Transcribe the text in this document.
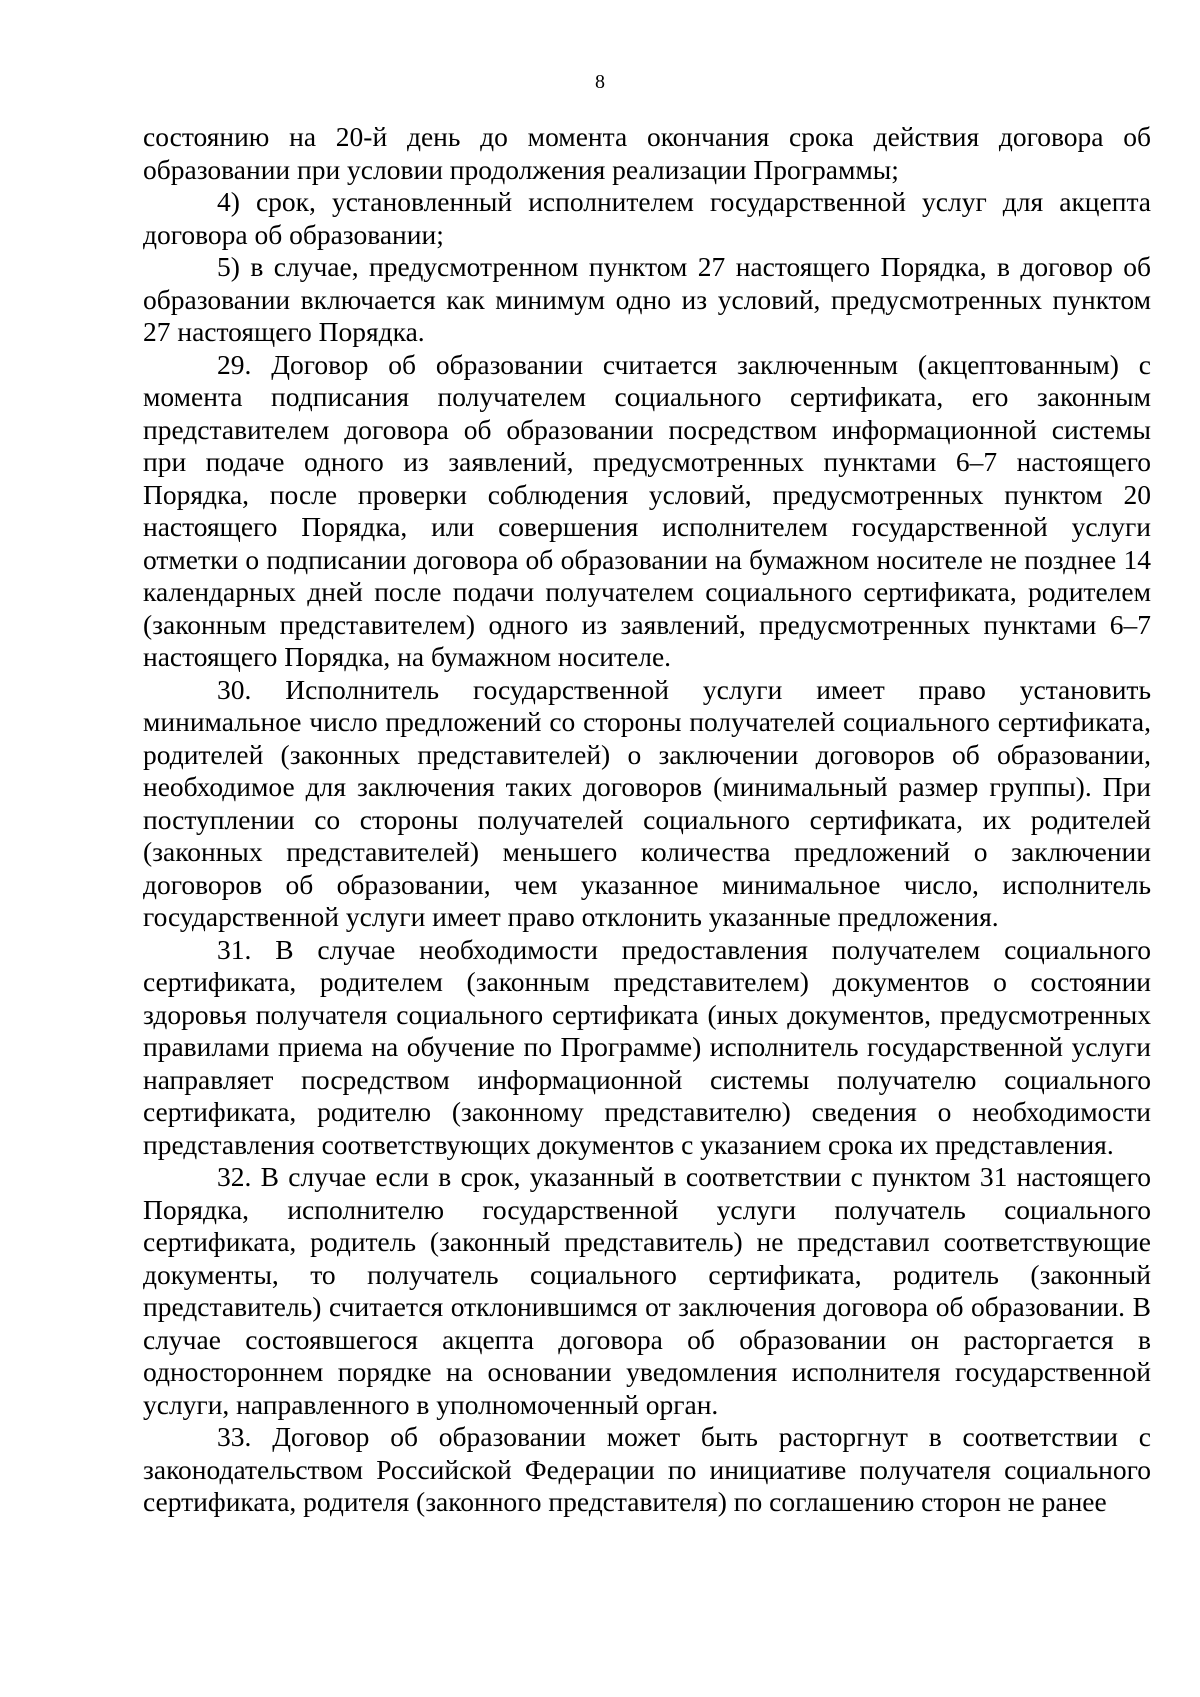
8

состоянию на 20-й день до момента окончания срока действия договора об образовании при условии продолжения реализации Программы;

4) срок, установленный исполнителем государственной услуг для акцепта договора об образовании;

5) в случае, предусмотренном пунктом 27 настоящего Порядка, в договор об образовании включается как минимум одно из условий, предусмотренных пунктом 27 настоящего Порядка.

29. Договор об образовании считается заключенным (акцептованным) с момента подписания получателем социального сертификата, его законным представителем договора об образовании посредством информационной системы при подаче одного из заявлений, предусмотренных пунктами 6–7 настоящего Порядка, после проверки соблюдения условий, предусмотренных пунктом 20 настоящего Порядка, или совершения исполнителем государственной услуги отметки о подписании договора об образовании на бумажном носителе не позднее 14 календарных дней после подачи получателем социального сертификата, родителем (законным представителем) одного из заявлений, предусмотренных пунктами 6–7 настоящего Порядка, на бумажном носителе.

30. Исполнитель государственной услуги имеет право установить минимальное число предложений со стороны получателей социального сертификата, родителей (законных представителей) о заключении договоров об образовании, необходимое для заключения таких договоров (минимальный размер группы). При поступлении со стороны получателей социального сертификата, их родителей (законных представителей) меньшего количества предложений о заключении договоров об образовании, чем указанное минимальное число, исполнитель государственной услуги имеет право отклонить указанные предложения.

31. В случае необходимости предоставления получателем социального сертификата, родителем (законным представителем) документов о состоянии здоровья получателя социального сертификата (иных документов, предусмотренных правилами приема на обучение по Программе) исполнитель государственной услуги направляет посредством информационной системы получателю социального сертификата, родителю (законному представителю) сведения о необходимости представления соответствующих документов с указанием срока их представления.

32. В случае если в срок, указанный в соответствии с пунктом 31 настоящего Порядка, исполнителю государственной услуги получатель социального сертификата, родитель (законный представитель) не представил соответствующие документы, то получатель социального сертификата, родитель (законный представитель) считается отклонившимся от заключения договора об образовании. В случае состоявшегося акцепта договора об образовании он расторгается в одностороннем порядке на основании уведомления исполнителя государственной услуги, направленного в уполномоченный орган.

33. Договор об образовании может быть расторгнут в соответствии с законодательством Российской Федерации по инициативе получателя социального сертификата, родителя (законного представителя) по соглашению сторон не ранее
